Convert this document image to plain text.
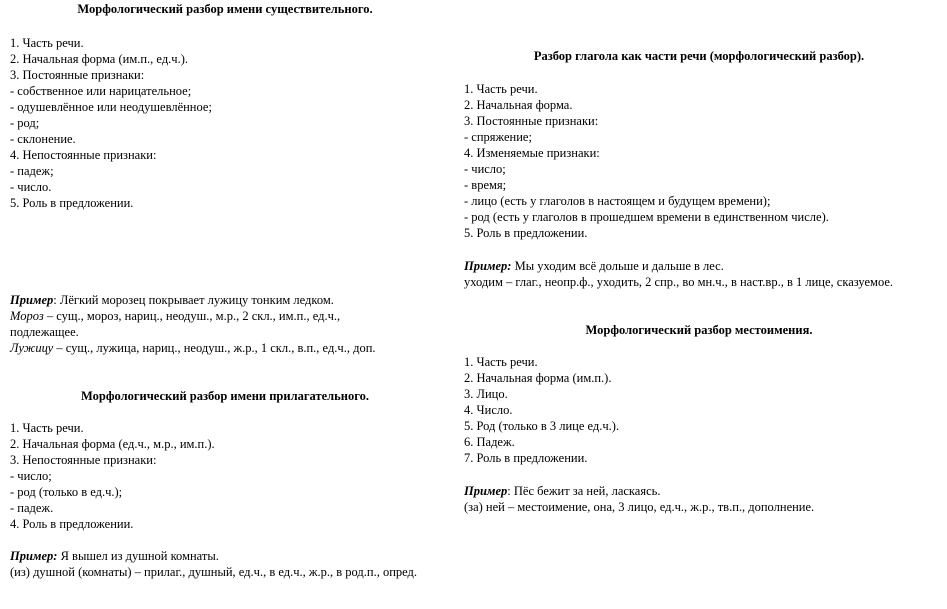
Морфологический разбор имени существительного.
1. Часть речи.
2. Начальная форма (им.п., ед.ч.).
3. Постоянные признаки:
- собственное или нарицательное;
- одушевлённое или неодушевлённое;
- род;
- склонение.
4. Непостоянные признаки:
- падеж;
- число.
5. Роль в предложении.
Пример: Лёгкий морозец покрывает лужицу тонким ледком.
Мороз – сущ., мороз, нариц., неодуш., м.р., 2 скл., им.п., ед.ч., подлежащее.
Лужицу – сущ., лужица, нариц., неодуш., ж.р., 1 скл., в.п., ед.ч., доп.
Морфологический разбор имени прилагательного.
1. Часть речи.
2. Начальная форма (ед.ч., м.р., им.п.).
3. Непостоянные признаки:
- число;
- род (только в ед.ч.);
- падеж.
4. Роль в предложении.
Пример: Я вышел из душной комнаты.
(из) душной (комнаты) – прилаг., душный, ед.ч., в ед.ч., ж.р., в род.п., опред.
Разбор глагола как части речи (морфологический разбор).
1. Часть речи.
2. Начальная форма.
3. Постоянные признаки:
- спряжение;
4. Изменяемые признаки:
- число;
- время;
- лицо (есть у глаголов в настоящем и будущем времени);
- род (есть у глаголов в прошедшем времени в единственном числе).
5. Роль в предложении.
Пример: Мы уходим всё дольше и дальше в лес.
уходим – глаг., неопр.ф., уходить, 2 спр., во мн.ч., в наст.вр., в 1 лице, сказуемое.
Морфологический разбор местоимения.
1. Часть речи.
2. Начальная форма (им.п.).
3. Лицо.
4. Число.
5. Род (только в 3 лице ед.ч.).
6. Падеж.
7. Роль в предложении.
Пример: Пёс бежит за ней, ласкаясь.
(за) ней – местоимение, она, 3 лицо, ед.ч., ж.р., тв.п., дополнение.
